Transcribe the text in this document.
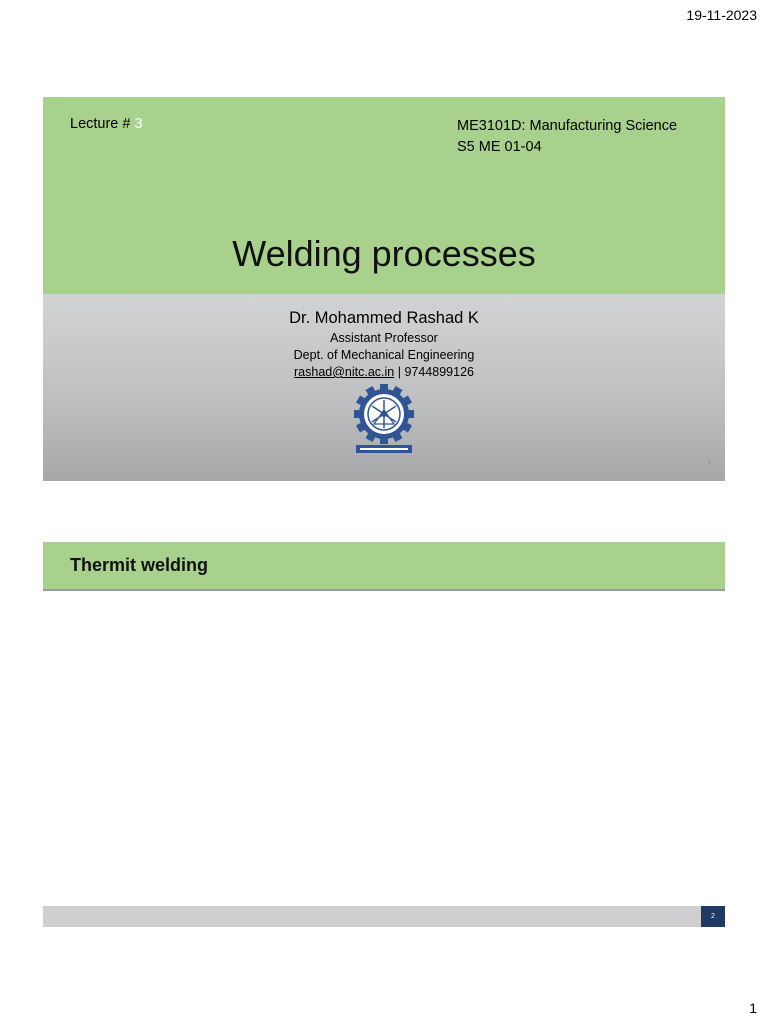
19-11-2023
Lecture # 3	ME3101D: Manufacturing Science
S5 ME 01-04
Welding processes
Dr. Mohammed Rashad K
Assistant Professor
Dept. of Mechanical Engineering
rashad@nitc.ac.in | 9744899126
1
Thermit welding
2
1
